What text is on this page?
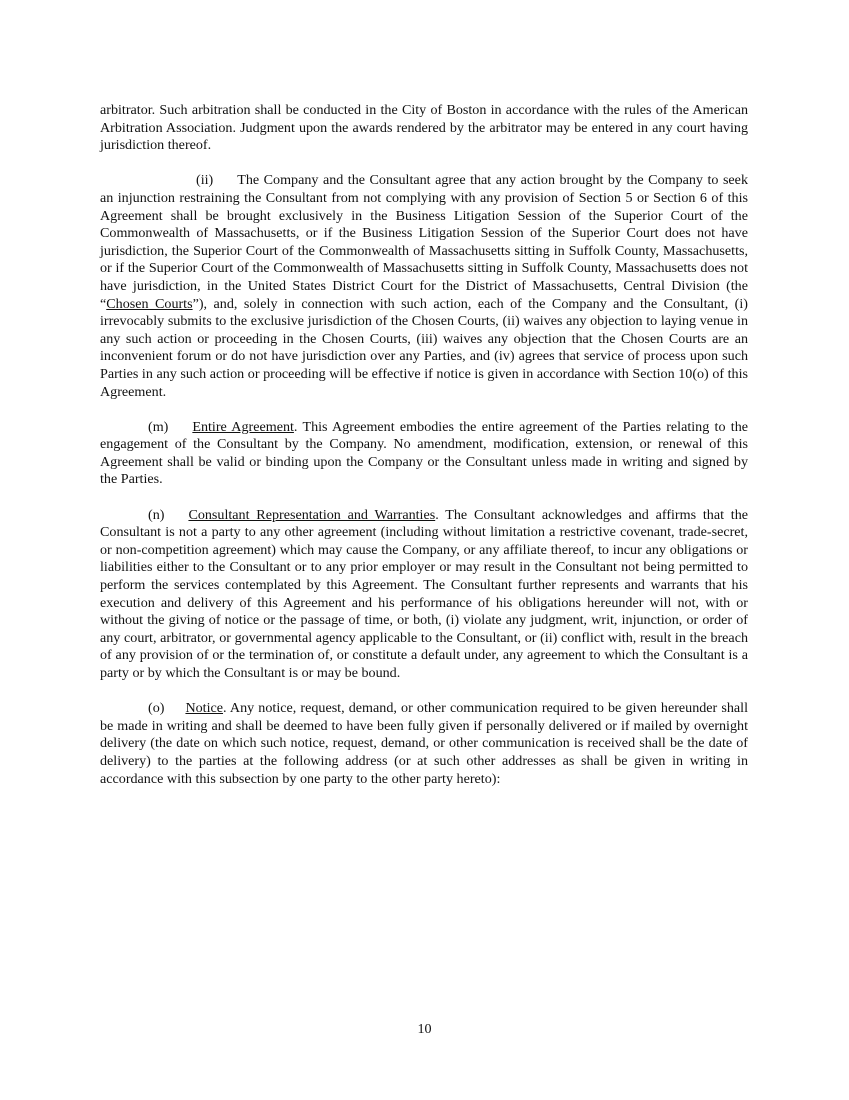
arbitrator. Such arbitration shall be conducted in the City of Boston in accordance with the rules of the American Arbitration Association. Judgment upon the awards rendered by the arbitrator may be entered in any court having jurisdiction thereof.

(ii) The Company and the Consultant agree that any action brought by the Company to seek an injunction restraining the Consultant from not complying with any provision of Section 5 or Section 6 of this Agreement shall be brought exclusively in the Business Litigation Session of the Superior Court of the Commonwealth of Massachusetts, or if the Business Litigation Session of the Superior Court does not have jurisdiction, the Superior Court of the Commonwealth of Massachusetts sitting in Suffolk County, Massachusetts, or if the Superior Court of the Commonwealth of Massachusetts sitting in Suffolk County, Massachusetts does not have jurisdiction, in the United States District Court for the District of Massachusetts, Central Division (the “Chosen Courts”), and, solely in connection with such action, each of the Company and the Consultant, (i) irrevocably submits to the exclusive jurisdiction of the Chosen Courts, (ii) waives any objection to laying venue in any such action or proceeding in the Chosen Courts, (iii) waives any objection that the Chosen Courts are an inconvenient forum or do not have jurisdiction over any Parties, and (iv) agrees that service of process upon such Parties in any such action or proceeding will be effective if notice is given in accordance with Section 10(o) of this Agreement.

(m) Entire Agreement. This Agreement embodies the entire agreement of the Parties relating to the engagement of the Consultant by the Company. No amendment, modification, extension, or renewal of this Agreement shall be valid or binding upon the Company or the Consultant unless made in writing and signed by the Parties.

(n) Consultant Representation and Warranties. The Consultant acknowledges and affirms that the Consultant is not a party to any other agreement (including without limitation a restrictive covenant, trade-secret, or non-competition agreement) which may cause the Company, or any affiliate thereof, to incur any obligations or liabilities either to the Consultant or to any prior employer or may result in the Consultant not being permitted to perform the services contemplated by this Agreement. The Consultant further represents and warrants that his execution and delivery of this Agreement and his performance of his obligations hereunder will not, with or without the giving of notice or the passage of time, or both, (i) violate any judgment, writ, injunction, or order of any court, arbitrator, or governmental agency applicable to the Consultant, or (ii) conflict with, result in the breach of any provision of or the termination of, or constitute a default under, any agreement to which the Consultant is a party or by which the Consultant is or may be bound.

(o) Notice. Any notice, request, demand, or other communication required to be given hereunder shall be made in writing and shall be deemed to have been fully given if personally delivered or if mailed by overnight delivery (the date on which such notice, request, demand, or other communication is received shall be the date of delivery) to the parties at the following address (or at such other addresses as shall be given in writing in accordance with this subsection by one party to the other party hereto):

10
